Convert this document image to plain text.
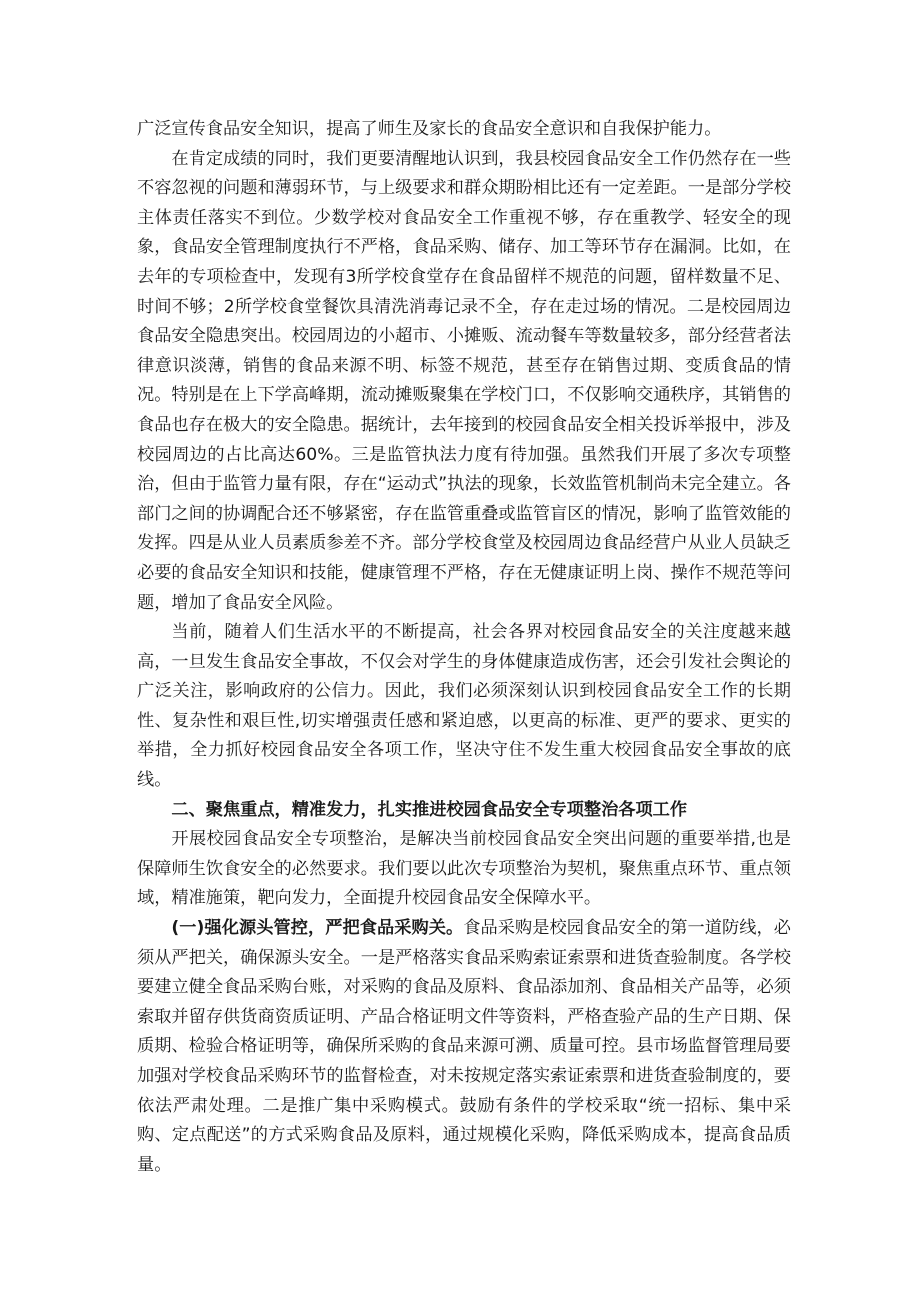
广泛宣传食品安全知识，提高了师生及家长的食品安全意识和自我保护能力。

在肯定成绩的同时，我们更要清醒地认识到，我县校园食品安全工作仍然存在一些不容忽视的问题和薄弱环节，与上级要求和群众期盼相比还有一定差距。一是部分学校主体责任落实不到位。少数学校对食品安全工作重视不够，存在重教学、轻安全的现象，食品安全管理制度执行不严格，食品采购、储存、加工等环节存在漏洞。比如，在去年的专项检查中，发现有3所学校食堂存在食品留样不规范的问题，留样数量不足、时间不够；2所学校食堂餐饮具清洗消毒记录不全，存在走过场的情况。二是校园周边食品安全隐患突出。校园周边的小超市、小摊贩、流动餐车等数量较多，部分经营者法律意识淡薄，销售的食品来源不明、标签不规范，甚至存在销售过期、变质食品的情况。特别是在上下学高峰期，流动摊贩聚集在学校门口，不仅影响交通秩序，其销售的食品也存在极大的安全隐患。据统计，去年接到的校园食品安全相关投诉举报中，涉及校园周边的占比高达60%。三是监管执法力度有待加强。虽然我们开展了多次专项整治，但由于监管力量有限，存在“运动式”执法的现象，长效监管机制尚未完全建立。各部门之间的协调配合还不够紧密，存在监管重叠或监管盲区的情况，影响了监管效能的发挥。四是从业人员素质参差不齐。部分学校食堂及校园周边食品经营户从业人员缺乏必要的食品安全知识和技能，健康管理不严格，存在无健康证明上岗、操作不规范等问题，增加了食品安全风险。

当前，随着人们生活水平的不断提高，社会各界对校园食品安全的关注度越来越高，一旦发生食品安全事故，不仅会对学生的身体健康造成伤害，还会引发社会舆论的广泛关注，影响政府的公信力。因此，我们必须深刻认识到校园食品安全工作的长期性、复杂性和艰巨性,切实增强责任感和紧迫感，以更高的标准、更严的要求、更实的举措，全力抓好校园食品安全各项工作，坚决守住不发生重大校园食品安全事故的底线。

二、聚焦重点，精准发力，扎实推进校园食品安全专项整治各项工作

开展校园食品安全专项整治，是解决当前校园食品安全突出问题的重要举措,也是保障师生饮食安全的必然要求。我们要以此次专项整治为契机，聚焦重点环节、重点领域，精准施策，靶向发力，全面提升校园食品安全保障水平。

(一)强化源头管控，严把食品采购关。食品采购是校园食品安全的第一道防线，必须从严把关，确保源头安全。一是严格落实食品采购索证索票和进货查验制度。各学校要建立健全食品采购台账，对采购的食品及原料、食品添加剂、食品相关产品等，必须索取并留存供货商资质证明、产品合格证明文件等资料，严格查验产品的生产日期、保质期、检验合格证明等，确保所采购的食品来源可溯、质量可控。县市场监督管理局要加强对学校食品采购环节的监督检查，对未按规定落实索证索票和进货查验制度的，要依法严肃处理。二是推广集中采购模式。鼓励有条件的学校采取“统一招标、集中采购、定点配送”的方式采购食品及原料，通过规模化采购，降低采购成本，提高食品质量。
